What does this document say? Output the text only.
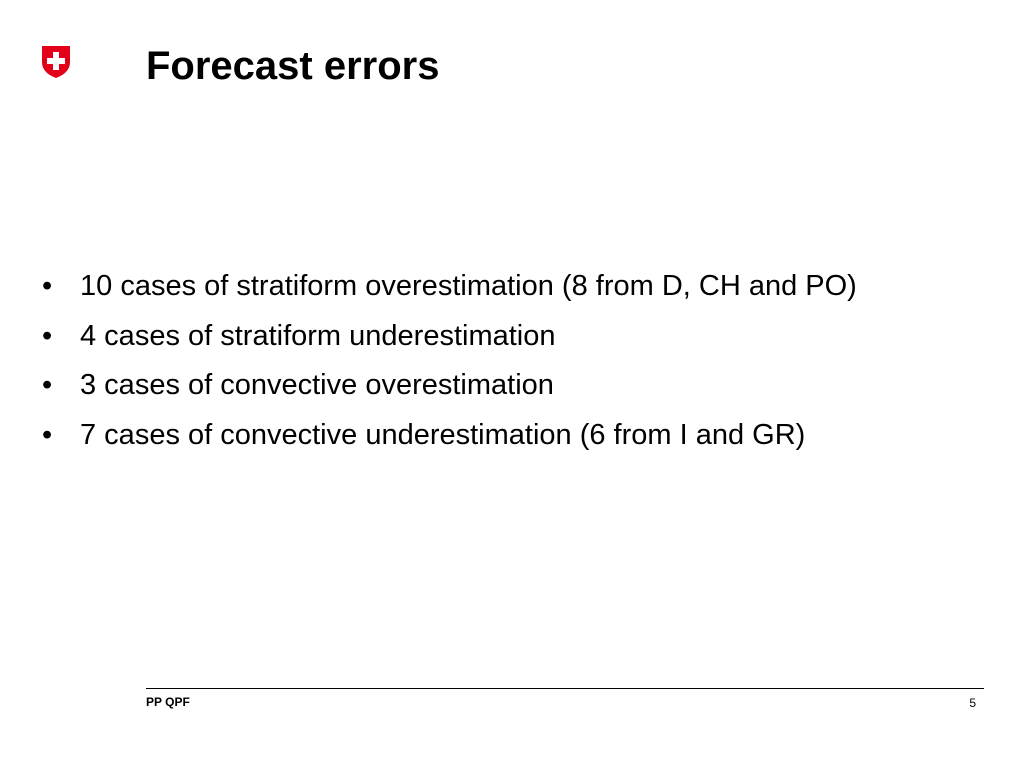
Forecast errors
• 10 cases of stratiform overestimation (8 from D, CH and PO)
• 4 cases of stratiform underestimation
• 3 cases of convective overestimation
• 7 cases of convective underestimation (6 from I and GR)
PP QPF	5
